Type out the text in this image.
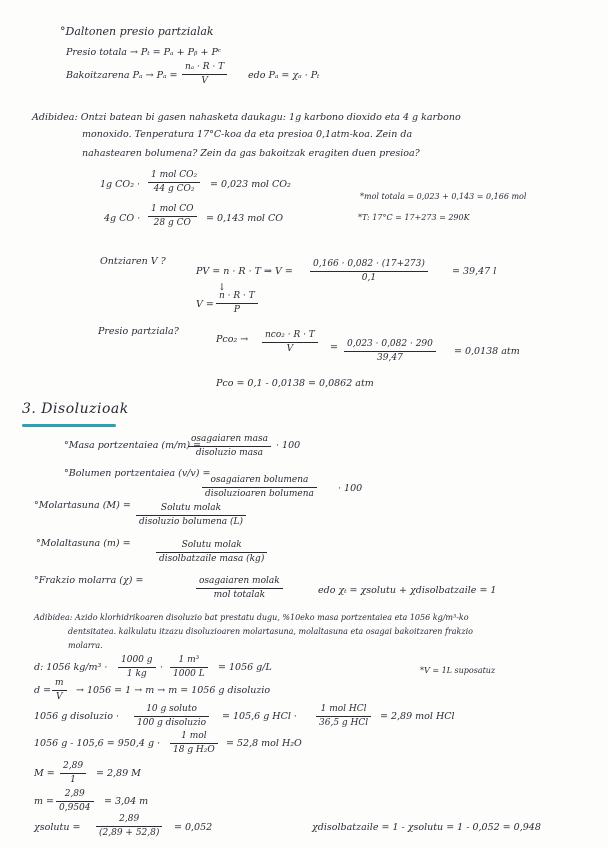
° Daltonen presio partzialak
Presio totala → Pₜ = Pₐ + Pᵦ + Pᶜ
Bakoitzarena $P_a \to P_a = \frac{\text{nₐ · R · T}}{V}$ edo Pₐ = χₐ · Pₜ
Adibidea: Ontzi batean bi gasen nahasketa daukagu: 1g karbono dioxido eta 4 g karbono
monoxido. Tenperatura 17°C-koa da eta presioa 0,1atm-koa. Zein da
nahastearen bolumena? Zein da gas bakoitzak eragiten duen presioa?
1g CO₂ ·
1 mol CO₂
44 g CO₂	= 0,023 mol CO₂
4g CO ·
1 mol CO
28 g CO	= 0,143 mol CO
*mol totala = 0,023 + 0,143 = 0,166 mol
*T: 17°C = 17+273 = 290K
Ontziaren V ?
PV = n · R · T ⇒ $V = \frac{0,166 \cdot 0,082 \cdot (17+273)}{0,1}$	= 39,47 l
↓
$V = \frac{n \cdot R \cdot T}{P}$
Presio partziala?
Pco₂ →	nco₂ · R · T
V	= $\frac{0,023 \cdot 0,082 \cdot 290}{39,47} = 0,0138$ atm
Pco = 0,1 - 0,0138 = 0,0862 atm
3. Disoluzioak
° Masa portzentaiea (m/m) =
osagaiaren masa
disoluzio masa
· 100
° Bolumen portzentaiea (v/v) =
osagaiaren bolumena
disoluzioaren bolumena	· 100
° Molartasuna (M) =	Solutu molak
disoluzio bolumena (L)
° Molaltasuna (m) =	Solutu molak
disolbatzaile masa (kg)
° Frakzio molarra (χ) =	osagaiaren molak
mol totalak	edo χₜ = χsolutu + χdisolbatzaile = 1
Adibidea: Azido klorhidrikoaren disoluzio bat prestatu dugu, %10eko masa portzentaiea eta 1056 kg/m³-ko
dentsitatea. kalkulatu itzazu disoluzioaren molartasuna, molaltasuna eta osagai bakoitzaren frakzio
molarra.
d: 1056 $kg/m^3 \cdot \frac{1000 g}{1 kg} \cdot \frac{\text{1 m³}}{1000 L} = 1056$ g/L	*V = 1L suposatuz
$d = \frac{m}{V} \to 1056 = 1 \to m \to m = 1056$ g disoluzio
1056 g disoluzio ·
10 g soluto
100 g disoluzio
= 105,6 g HCl ·
1 mol HCl
36,5 g HCl
= 2,89 mol HCl
1056 g - 105,6 = 950,4 g ·
1 mol
18 g H₂O
= 52,8 mol H₂O
$M = \frac{2,89}{1} = 2,89$ M
$m = \frac{2,89}{0,9504} = 3,04$ m
χsolutu = $\frac{2,89}{(2,89 + 52,8)} = 0,052$	χdisolbatzaile = 1 - χsolutu = 1 - 0,052 = 0,948
